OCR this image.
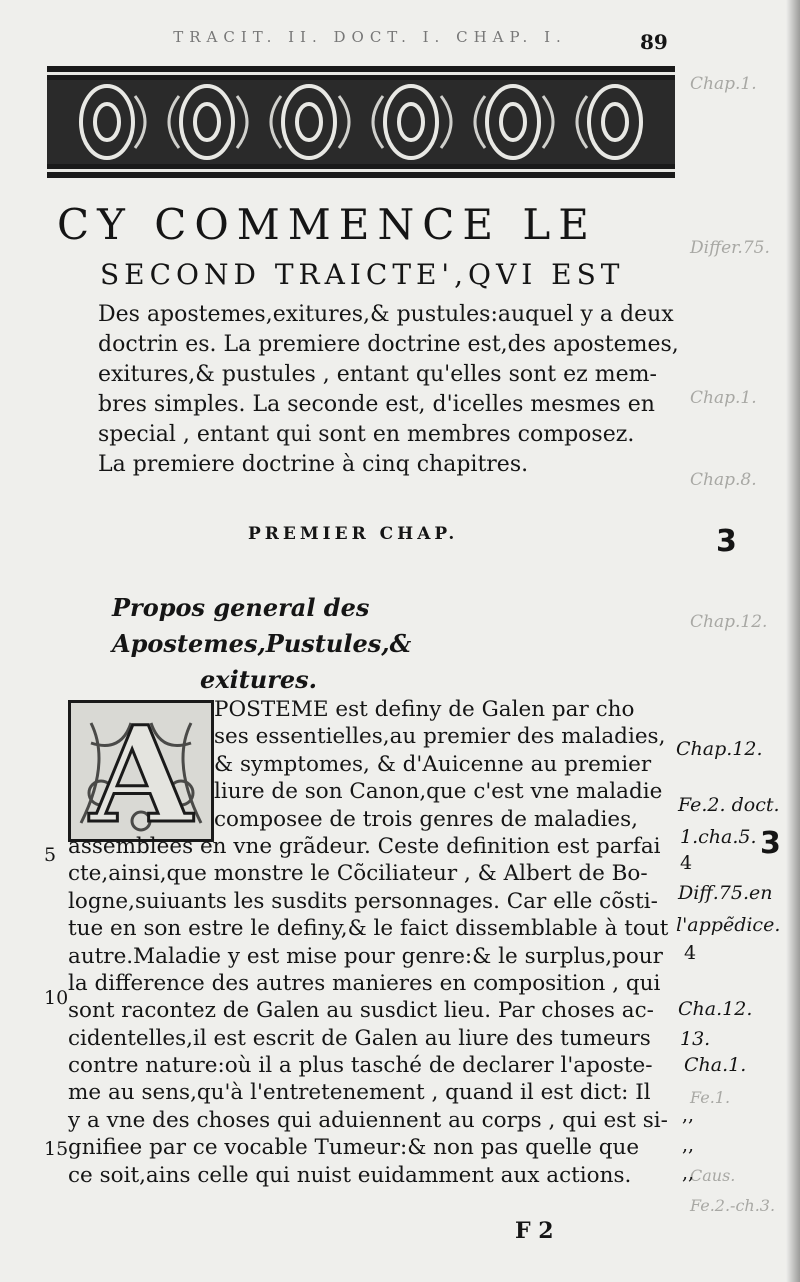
TRACIT. II. DOCT. I. CHAP. I.	89
Chap.1.
Differ.75.
Chap.1.
Chap.8.
Chap.12.
Fe.1.
Caus.
Fe.2.-ch.3.
CY COMMENCE LE
SECOND TRAICTE',QVI EST
Des apostemes,exitures,& pustules:auquel y a deux
doctrin es. La premiere doctrine est,des apostemes,
exitures,& pustules , entant qu'elles sont ez mem-
bres simples. La seconde est, d'icelles mesmes en
special , entant qui sont en membres composez.
La premiere doctrine à cinq chapitres.
PREMIER CHAP.
Propos general des Apostemes,Pustules,&
exitures.
A	POSTEME est definy de Galen par cho
ses essentielles,au premier des maladies,
& symptomes, & d'Auicenne au premier
liure de son Canon,que c'est vne maladie
composee de trois genres de maladies,
assemblees en vne grãdeur. Ceste definition est parfai
cte,ainsi,que monstre le Cõciliateur , & Albert de Bo-
logne,suiuants les susdits personnages. Car elle cõsti-
tue en son estre le definy,& le faict dissemblable à tout
autre.Maladie y est mise pour genre:& le surplus,pour
la difference des autres manieres en composition , qui
sont racontez de Galen au susdict lieu. Par choses ac-
cidentelles,il est escrit de Galen au liure des tumeurs
contre nature:où il a plus tasché de declarer l'aposte-
me au sens,qu'à l'entretenement , quand il est dict: Il
y a vne des choses qui aduiennent au corps , qui est si-
gnifiee par ce vocable Tumeur:& non pas quelle que
ce soit,ains celle qui nuist euidamment aux actions.
5
10
15
Chap.12.
Fe.2. doct.
1.cha.5.
4
Diff.75.en
l'appẽdice.
4
Cha.12.
13.
Cha.1.
,,
,,
,,
3
3
F 2
